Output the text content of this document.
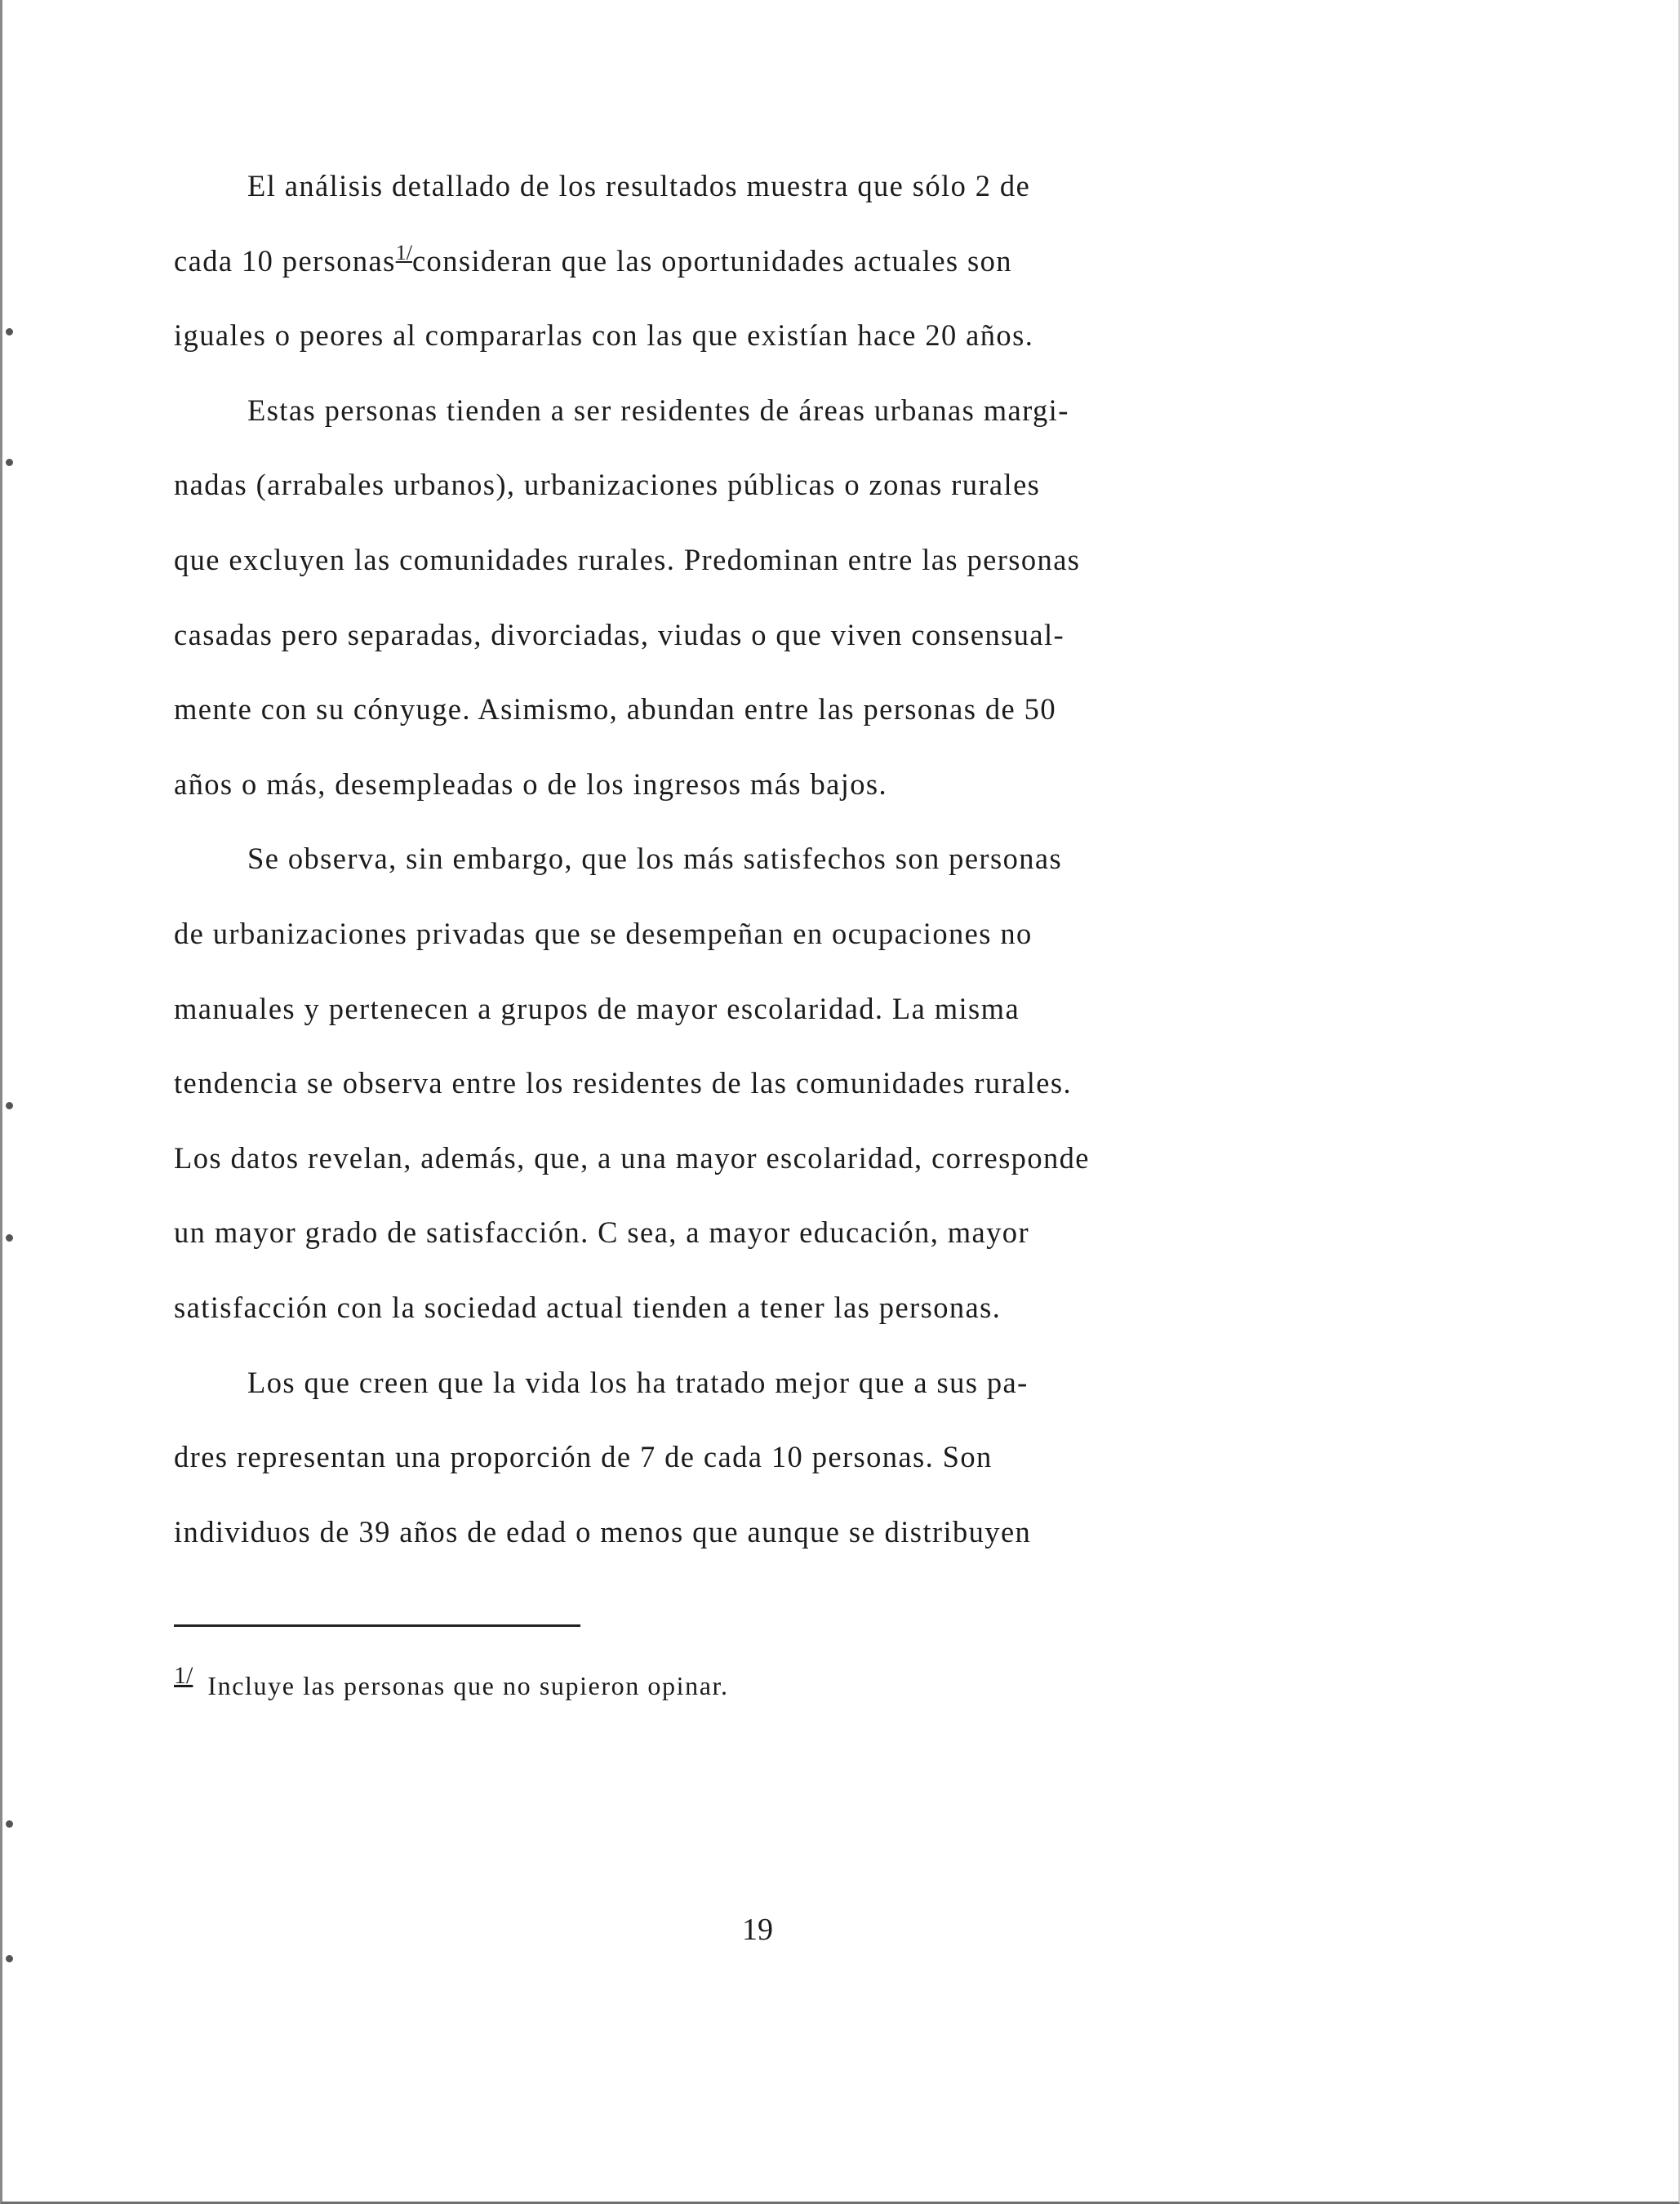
El análisis detallado de los resultados muestra que sólo 2 de
cada 10 personas$^{1/}$consideran que las oportunidades actuales son
iguales o peores al compararlas con las que existían hace 20 años.
Estas personas tienden a ser residentes de áreas urbanas margi-
nadas (arrabales urbanos), urbanizaciones públicas o zonas rurales
que excluyen las comunidades rurales. Predominan entre las personas
casadas pero separadas, divorciadas, viudas o que viven consensual-
mente con su cónyuge. Asimismo, abundan entre las personas de 50
años o más, desempleadas o de los ingresos más bajos.
Se observa, sin embargo, que los más satisfechos son personas
de urbanizaciones privadas que se desempeñan en ocupaciones no
manuales y pertenecen a grupos de mayor escolaridad. La misma
tendencia se observa entre los residentes de las comunidades rurales.
Los datos revelan, además, que, a una mayor escolaridad, corresponde
un mayor grado de satisfacción. C sea, a mayor educación, mayor
satisfacción con la sociedad actual tienden a tener las personas.
Los que creen que la vida los ha tratado mejor que a sus pa-
dres representan una proporción de 7 de cada 10 personas. Son
individuos de 39 años de edad o menos que aunque se distribuyen
1/ Incluye las personas que no supieron opinar.
19
